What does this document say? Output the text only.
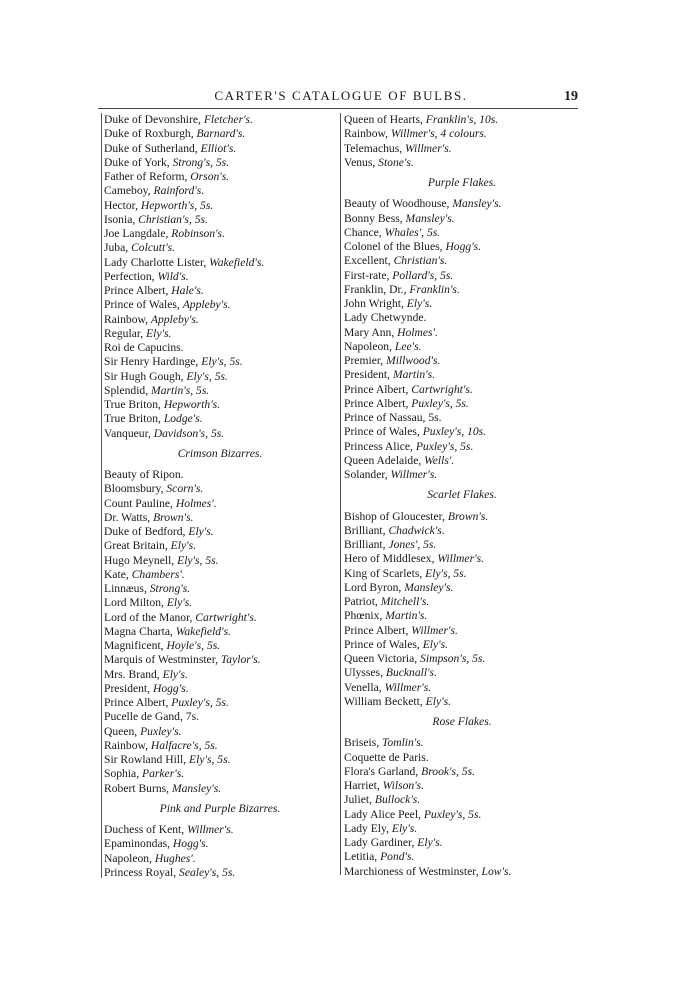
CARTER'S CATALOGUE OF BULBS.	19
Duke of Devonshire, Fletcher's.
Duke of Roxburgh, Barnard's.
Duke of Sutherland, Elliot's.
Duke of York, Strong's, 5s.
Father of Reform, Orson's.
Cameboy, Rainford's.
Hector, Hepworth's, 5s.
Isonia, Christian's, 5s.
Joe Langdale, Robinson's.
Juba, Colcutt's.
Lady Charlotte Lister, Wakefield's.
Perfection, Wild's.
Prince Albert, Hale's.
Prince of Wales, Appleby's.
Rainbow, Appleby's.
Regular, Ely's.
Roi de Capucins.
Sir Henry Hardinge, Ely's, 5s.
Sir Hugh Gough, Ely's, 5s.
Splendid, Martin's, 5s.
True Briton, Hepworth's.
True Briton, Lodge's.
Vanqueur, Davidson's, 5s.
Crimson Bizarres.
Beauty of Ripon.
Bloomsbury, Scorn's.
Count Pauline, Holmes'.
Dr. Watts, Brown's.
Duke of Bedford, Ely's.
Great Britain, Ely's.
Hugo Meynell, Ely's, 5s.
Kate, Chambers'.
Linnæus, Strong's.
Lord Milton, Ely's.
Lord of the Manor, Cartwright's.
Magna Charta, Wakefield's.
Magnificent, Hoyle's, 5s.
Marquis of Westminster, Taylor's.
Mrs. Brand, Ely's.
President, Hogg's.
Prince Albert, Puxley's, 5s.
Pucelle de Gand, 7s.
Queen, Puxley's.
Rainbow, Halfacre's, 5s.
Sir Rowland Hill, Ely's, 5s.
Sophia, Parker's.
Robert Burns, Mansley's.
Pink and Purple Bizarres.
Duchess of Kent, Willmer's.
Epaminondas, Hogg's.
Napoleon, Hughes'.
Princess Royal, Sealey's, 5s.
Queen of Hearts, Franklin's, 10s.
Rainbow, Willmer's, 4 colours.
Telemachus, Willmer's.
Venus, Stone's.
Purple Flakes.
Beauty of Woodhouse, Mansley's.
Bonny Bess, Mansley's.
Chance, Whales', 5s.
Colonel of the Blues, Hogg's.
Excellent, Christian's.
First-rate, Pollard's, 5s.
Franklin, Dr., Franklin's.
John Wright, Ely's.
Lady Chetwynde.
Mary Ann, Holmes'.
Napoleon, Lee's.
Premier, Millwood's.
President, Martin's.
Prince Albert, Cartwright's.
Prince Albert, Puxley's, 5s.
Prince of Nassau, 5s.
Prince of Wales, Puxley's, 10s.
Princess Alice, Puxley's, 5s.
Queen Adelaide, Wells'.
Solander, Willmer's.
Scarlet Flakes.
Bishop of Gloucester, Brown's.
Brilliant, Chadwick's.
Brilliant, Jones', 5s.
Hero of Middlesex, Willmer's.
King of Scarlets, Ely's, 5s.
Lord Byron, Mansley's.
Patriot, Mitchell's.
Phœnix, Martin's.
Prince Albert, Willmer's.
Prince of Wales, Ely's.
Queen Victoria, Simpson's, 5s.
Ulysses, Bucknall's.
Venella, Willmer's.
William Beckett, Ely's.
Rose Flakes.
Briseis, Tomlin's.
Coquette de Paris.
Flora's Garland, Brook's, 5s.
Harriet, Wilson's.
Juliet, Bullock's.
Lady Alice Peel, Puxley's, 5s.
Lady Ely, Ely's.
Lady Gardiner, Ely's.
Letitia, Pond's.
Marchioness of Westminster, Low's.
